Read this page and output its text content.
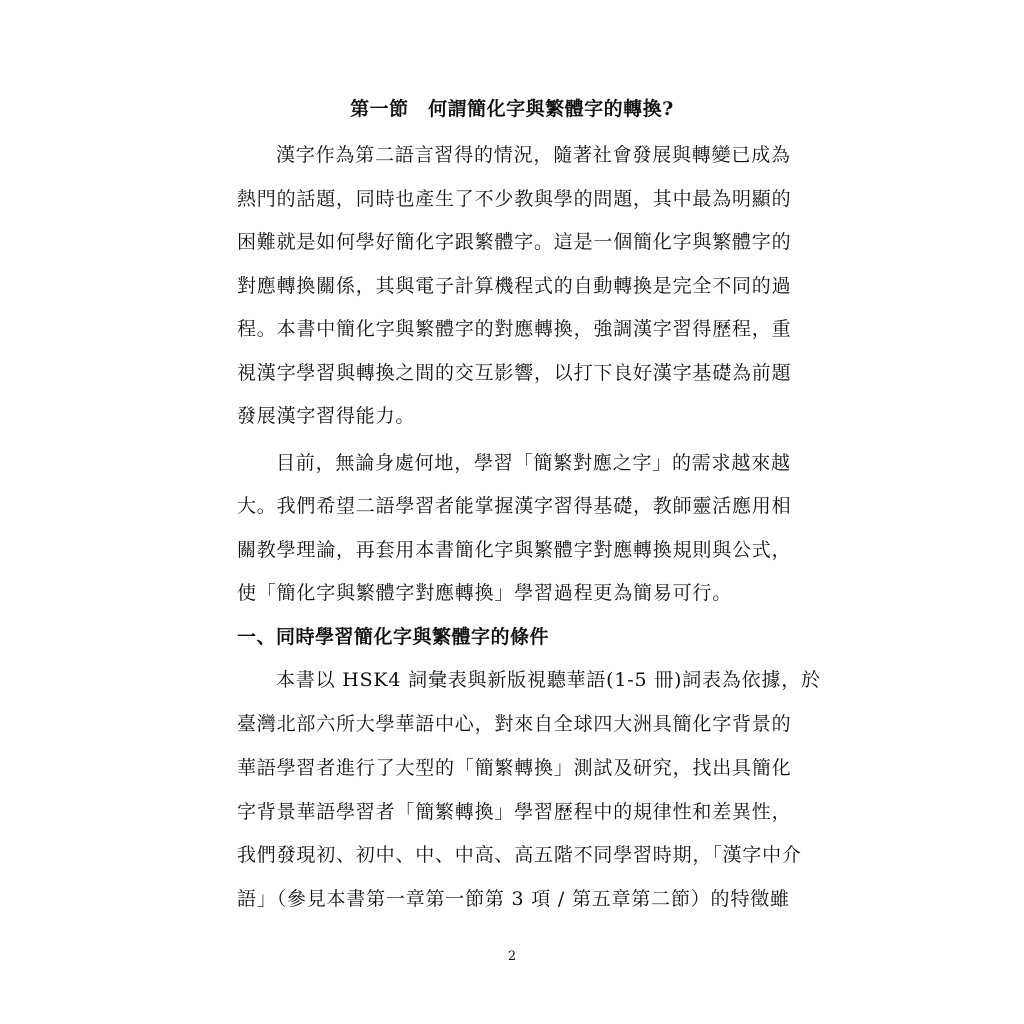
第一節　何謂簡化字與繁體字的轉換?

漢字作為第二語言習得的情況，隨著社會發展與轉變已成為

熱門的話題，同時也產生了不少教與學的問題，其中最為明顯的

困難就是如何學好簡化字跟繁體字。這是一個簡化字與繁體字的

對應轉換關係，其與電子計算機程式的自動轉換是完全不同的過

程。本書中簡化字與繁體字的對應轉換，強調漢字習得歷程，重

視漢字學習與轉換之間的交互影響，以打下良好漢字基礎為前題

發展漢字習得能力。

目前，無論身處何地，學習「簡繁對應之字」的需求越來越

大。我們希望二語學習者能掌握漢字習得基礎，教師靈活應用相

關教學理論，再套用本書簡化字與繁體字對應轉換規則與公式，

使「簡化字與繁體字對應轉換」學習過程更為簡易可行。

一、同時學習簡化字與繁體字的條件

本書以 HSK4 詞彙表與新版視聽華語(1-5 冊)詞表為依據，於

臺灣北部六所大學華語中心，對來自全球四大洲具簡化字背景的

華語學習者進行了大型的「簡繁轉換」測試及研究，找出具簡化

字背景華語學習者「簡繁轉換」學習歷程中的規律性和差異性，

我們發現初、初中、中、中高、高五階不同學習時期，「漢字中介

語」（參見本書第一章第一節第 3 項 / 第五章第二節）的特徵雖

2
